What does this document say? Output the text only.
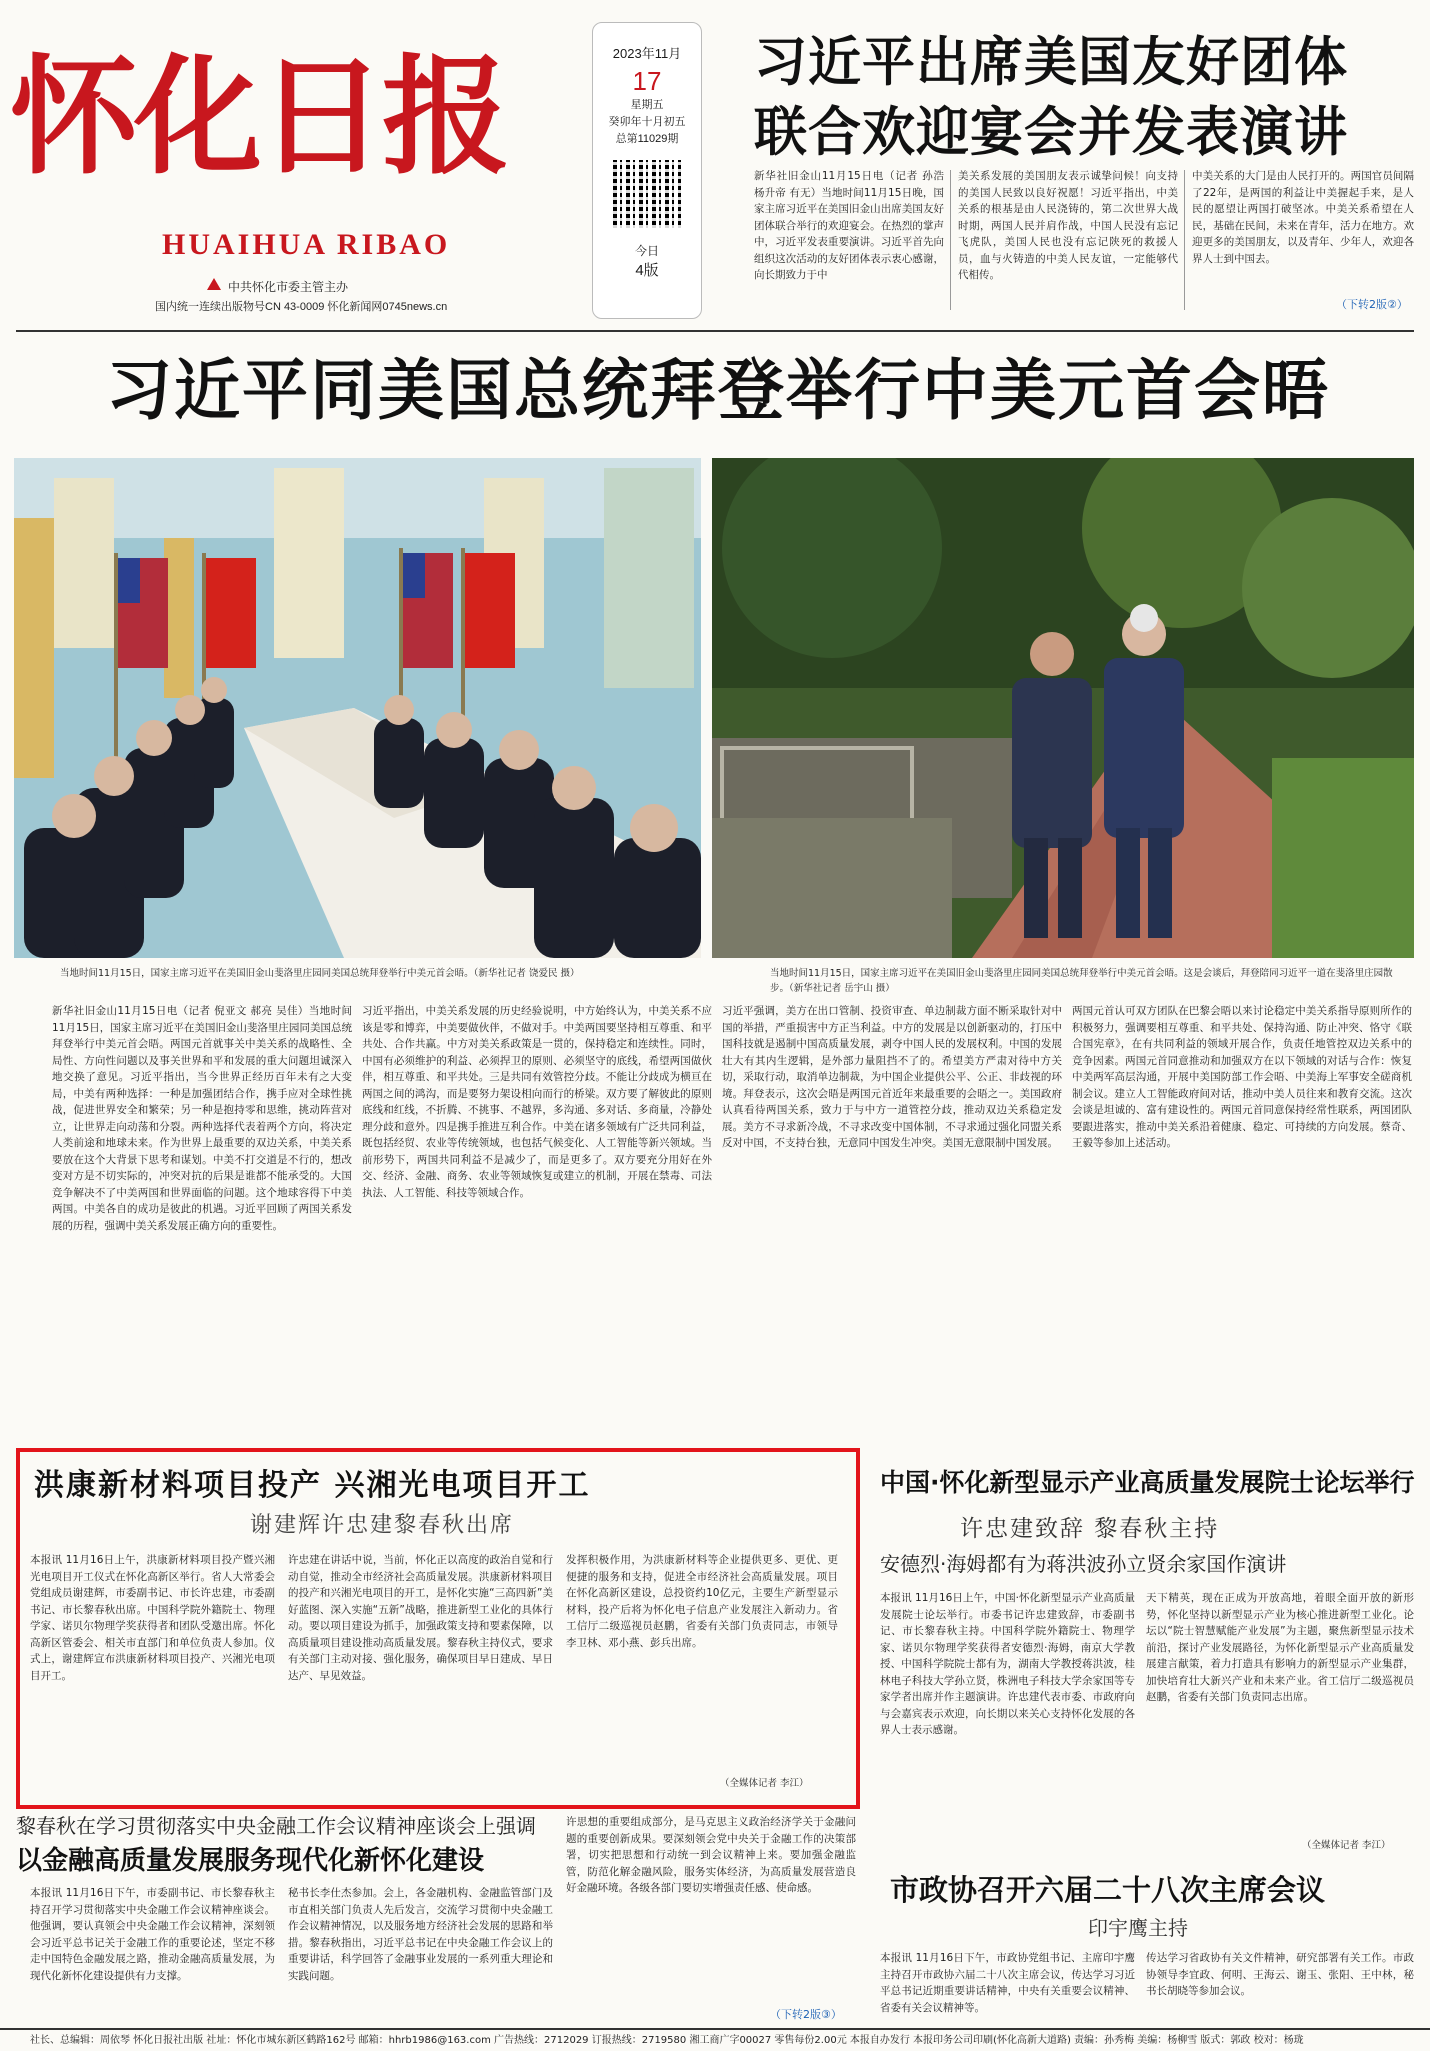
怀化日报
HUAIHUA RIBAO
中共怀化市委主管主办
国内统一连续出版物号CN 43-0009 怀化新闻网0745news.cn
2023年11月
17
星期五
癸卯年十月初五
总第11029期
今日
4版
习近平出席美国友好团体
联合欢迎宴会并发表演讲
新华社旧金山11月15日电（记者 孙浩 杨升帝 有无）当地时间11月15日晚，国家主席习近平在美国旧金山出席美国友好团体联合举行的欢迎宴会。在热烈的掌声中，习近平发表重要演讲。习近平首先向组织这次活动的友好团体表示衷心感谢，向长期致力于中
美关系发展的美国朋友表示诚挚问候！向支持的美国人民致以良好祝愿！习近平指出，中美关系的根基是由人民浇铸的，第二次世界大战时期，两国人民并肩作战，中国人民没有忘记飞虎队，美国人民也没有忘记陕死的救援人员，血与火铸造的中美人民友谊，一定能够代代相传。
中美关系的大门是由人民打开的。两国官员间隔了22年，是两国的利益让中美握起手来，是人民的愿望让两国打破坚冰。中美关系希望在人民，基础在民间，未来在青年，活力在地方。欢迎更多的美国朋友，以及青年、少年人，欢迎各界人士到中国去。
（下转2版②）
习近平同美国总统拜登举行中美元首会晤
当地时间11月15日，国家主席习近平在美国旧金山斐洛里庄园同美国总统拜登举行中美元首会晤。（新华社记者 饶爱民 摄）	当地时间11月15日，国家主席习近平在美国旧金山斐洛里庄园同美国总统拜登举行中美元首会晤。这是会谈后，拜登陪同习近平一道在斐洛里庄园散步。（新华社记者 岳宇山 摄）
新华社旧金山11月15日电（记者 倪亚文 郝亮 吴佳）当地时间11月15日，国家主席习近平在美国旧金山斐洛里庄园同美国总统拜登举行中美元首会晤。两国元首就事关中美关系的战略性、全局性、方向性问题以及事关世界和平和发展的重大问题坦诚深入地交换了意见。习近平指出，当今世界正经历百年未有之大变局，中美有两种选择：一种是加强团结合作，携手应对全球性挑战，促进世界安全和繁荣；另一种是抱持零和思维，挑动阵营对立，让世界走向动荡和分裂。两种选择代表着两个方向，将决定人类前途和地球未来。作为世界上最重要的双边关系，中美关系要放在这个大背景下思考和谋划。中美不打交道是不行的，想改变对方是不切实际的，冲突对抗的后果是谁都不能承受的。大国竞争解决不了中美两国和世界面临的问题。这个地球容得下中美两国。中美各自的成功是彼此的机遇。习近平回顾了两国关系发展的历程，强调中美关系发展正确方向的重要性。
习近平指出，中美关系发展的历史经验说明，中方始终认为，中美关系不应该是零和博弈，中美要做伙伴，不做对手。中美两国要坚持相互尊重、和平共处、合作共赢。中方对美关系政策是一贯的，保持稳定和连续性。同时，中国有必须维护的利益、必须捍卫的原则、必须坚守的底线，希望两国做伙伴，相互尊重、和平共处。三是共同有效管控分歧。不能让分歧成为横亘在两国之间的鸿沟，而是要努力架设相向而行的桥梁。双方要了解彼此的原则底线和红线，不折腾、不挑事、不越界，多沟通、多对话、多商量，冷静处理分歧和意外。四是携手推进互利合作。中美在诸多领域有广泛共同利益，既包括经贸、农业等传统领域，也包括气候变化、人工智能等新兴领域。当前形势下，两国共同利益不是减少了，而是更多了。双方要充分用好在外交、经济、金融、商务、农业等领域恢复或建立的机制，开展在禁毒、司法执法、人工智能、科技等领域合作。
习近平强调，美方在出口管制、投资审查、单边制裁方面不断采取针对中国的举措，严重损害中方正当利益。中方的发展是以创新驱动的，打压中国科技就是遏制中国高质量发展，剥夺中国人民的发展权利。中国的发展壮大有其内生逻辑，是外部力量阻挡不了的。希望美方严肃对待中方关切，采取行动，取消单边制裁，为中国企业提供公平、公正、非歧视的环境。拜登表示，这次会晤是两国元首近年来最重要的会晤之一。美国政府认真看待两国关系，致力于与中方一道管控分歧，推动双边关系稳定发展。美方不寻求新冷战，不寻求改变中国体制，不寻求通过强化同盟关系反对中国，不支持台独，无意同中国发生冲突。美国无意限制中国发展。
两国元首认可双方团队在巴黎会晤以来讨论稳定中美关系指导原则所作的积极努力，强调要相互尊重、和平共处、保持沟通、防止冲突、恪守《联合国宪章》，在有共同利益的领域开展合作，负责任地管控双边关系中的竞争因素。两国元首同意推动和加强双方在以下领域的对话与合作：恢复中美两军高层沟通，开展中美国防部工作会晤、中美海上军事安全磋商机制会议。建立人工智能政府间对话，推动中美人员往来和教育交流。这次会谈是坦诚的、富有建设性的。两国元首同意保持经常性联系，两国团队要跟进落实，推动中美关系沿着健康、稳定、可持续的方向发展。蔡奇、王毅等参加上述活动。
洪康新材料项目投产 兴湘光电项目开工
谢建辉许忠建黎春秋出席
本报讯 11月16日上午，洪康新材料项目投产暨兴湘光电项目开工仪式在怀化高新区举行。省人大常委会党组成员谢建辉，市委副书记、市长许忠建，市委副书记、市长黎春秋出席。中国科学院外籍院士、物理学家、诺贝尔物理学奖获得者和团队受邀出席。怀化高新区管委会、相关市直部门和单位负责人参加。仪式上，谢建辉宣布洪康新材料项目投产、兴湘光电项目开工。
许忠建在讲话中说，当前，怀化正以高度的政治自觉和行动自觉，推动全市经济社会高质量发展。洪康新材料项目的投产和兴湘光电项目的开工，是怀化实施“三高四新”美好蓝图、深入实施“五新”战略，推进新型工业化的具体行动。要以项目建设为抓手，加强政策支持和要素保障，以高质量项目建设推动高质量发展。黎春秋主持仪式，要求有关部门主动对接、强化服务，确保项目早日建成、早日达产、早见效益。
发挥积极作用，为洪康新材料等企业提供更多、更优、更便捷的服务和支持，促进全市经济社会高质量发展。项目在怀化高新区建设，总投资约10亿元，主要生产新型显示材料，投产后将为怀化电子信息产业发展注入新动力。省工信厅二级巡视员赵鹏，省委有关部门负责同志，市领导李卫林、邓小燕、彭兵出席。
（全媒体记者 李江）
中国·怀化新型显示产业高质量发展院士论坛举行
许忠建致辞 黎春秋主持
安德烈·海姆都有为蒋洪波孙立贤余家国作演讲
本报讯 11月16日上午，中国·怀化新型显示产业高质量发展院士论坛举行。市委书记许忠建致辞，市委副书记、市长黎春秋主持。中国科学院外籍院士、物理学家、诺贝尔物理学奖获得者安德烈·海姆，南京大学教授、中国科学院院士都有为，湖南大学教授蒋洪波，桂林电子科技大学孙立贤，株洲电子科技大学余家国等专家学者出席并作主题演讲。许忠建代表市委、市政府向与会嘉宾表示欢迎，向长期以来关心支持怀化发展的各界人士表示感谢。
天下精英，现在正成为开放高地，着眼全面开放的新形势，怀化坚持以新型显示产业为核心推进新型工业化。论坛以“院士智慧赋能产业发展”为主题，聚焦新型显示技术前沿，探讨产业发展路径，为怀化新型显示产业高质量发展建言献策，着力打造具有影响力的新型显示产业集群，加快培育壮大新兴产业和未来产业。省工信厅二级巡视员赵鹏，省委有关部门负责同志出席。
（全媒体记者 李江）
黎春秋在学习贯彻落实中央金融工作会议精神座谈会上强调
以金融高质量发展服务现代化新怀化建设
本报讯 11月16日下午，市委副书记、市长黎春秋主持召开学习贯彻落实中央金融工作会议精神座谈会。他强调，要认真领会中央金融工作会议精神，深刻领会习近平总书记关于金融工作的重要论述，坚定不移走中国特色金融发展之路，推动金融高质量发展，为现代化新怀化建设提供有力支撑。
秘书长李仕杰参加。会上，各金融机构、金融监管部门及市直相关部门负责人先后发言，交流学习贯彻中央金融工作会议精神情况，以及服务地方经济社会发展的思路和举措。黎春秋指出，习近平总书记在中央金融工作会议上的重要讲话，科学回答了金融事业发展的一系列重大理论和实践问题。
许思想的重要组成部分，是马克思主义政治经济学关于金融问题的重要创新成果。要深刻领会党中央关于金融工作的决策部署，切实把思想和行动统一到会议精神上来。要加强金融监管，防范化解金融风险，服务实体经济，为高质量发展营造良好金融环境。各级各部门要切实增强责任感、使命感。
（下转2版③）
市政协召开六届二十八次主席会议
印宇鹰主持
本报讯 11月16日下午，市政协党组书记、主席印宇鹰主持召开市政协六届二十八次主席会议，传达学习习近平总书记近期重要讲话精神，中央有关重要会议精神、省委有关会议精神等。
传达学习省政协有关文件精神，研究部署有关工作。市政协领导李宜政、何明、王海云、谢玉、张阳、王中林，秘书长胡晓等参加会议。
社长、总编辑：周依琴 怀化日报社出版 社址：怀化市城东新区鹤路162号 邮箱：hhrb1986@163.com 广告热线：2712029 订报热线：2719580 湘工商广字00027 零售每份2.00元 本报自办发行 本报印务公司印刷(怀化高新大道路) 责编：孙秀梅 美编：杨柳雪 版式：郭政 校对：杨珑
